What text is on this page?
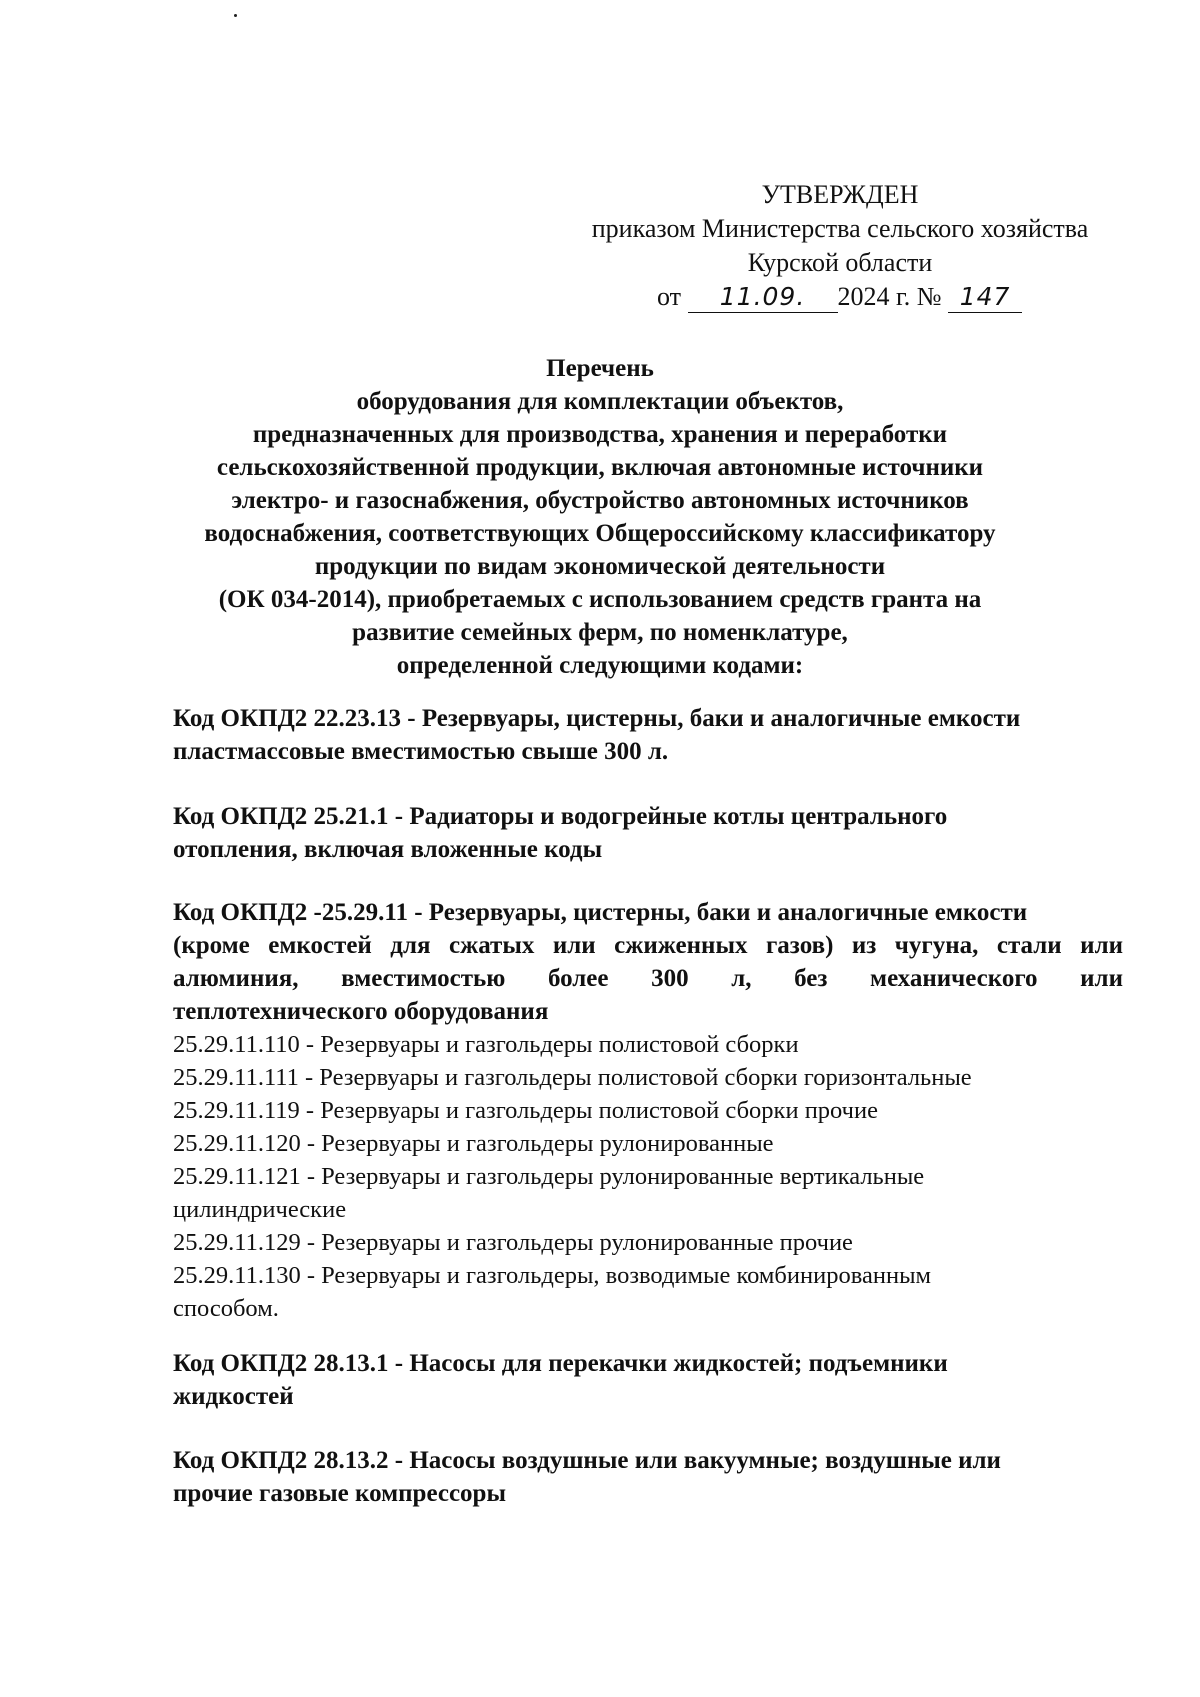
УТВЕРЖДЕН
приказом Министерства сельского хозяйства
Курской области
от 11.09. 2024 г. № 147
Перечень
оборудования для комплектации объектов,
предназначенных для производства, хранения и переработки
сельскохозяйственной продукции, включая автономные источники
электро- и газоснабжения, обустройство автономных источников
водоснабжения, соответствующих Общероссийскому классификатору
продукции по видам экономической деятельности
(ОК 034-2014), приобретаемых с использованием средств гранта на
развитие семейных ферм, по номенклатуре,
определенной следующими кодами:
Код ОКПД2 22.23.13 - Резервуары, цистерны, баки и аналогичные емкости
пластмассовые вместимостью свыше 300 л.
Код ОКПД2 25.21.1 - Радиаторы и водогрейные котлы центрального
отопления, включая вложенные коды
Код ОКПД2 -25.29.11 - Резервуары, цистерны, баки и аналогичные емкости
(кроме емкостей для сжатых или сжиженных газов) из чугуна, стали или
алюминия, вместимостью более 300 л, без механического или
теплотехнического оборудования
25.29.11.110 - Резервуары и газгольдеры полистовой сборки
25.29.11.111 - Резервуары и газгольдеры полистовой сборки горизонтальные
25.29.11.119 - Резервуары и газгольдеры полистовой сборки прочие
25.29.11.120 - Резервуары и газгольдеры рулонированные
25.29.11.121 - Резервуары и газгольдеры рулонированные вертикальные
цилиндрические
25.29.11.129 - Резервуары и газгольдеры рулонированные прочие
25.29.11.130 - Резервуары и газгольдеры, возводимые комбинированным
способом.
Код ОКПД2 28.13.1 - Насосы для перекачки жидкостей; подъемники
жидкостей
Код ОКПД2 28.13.2 - Насосы воздушные или вакуумные; воздушные или
прочие газовые компрессоры
